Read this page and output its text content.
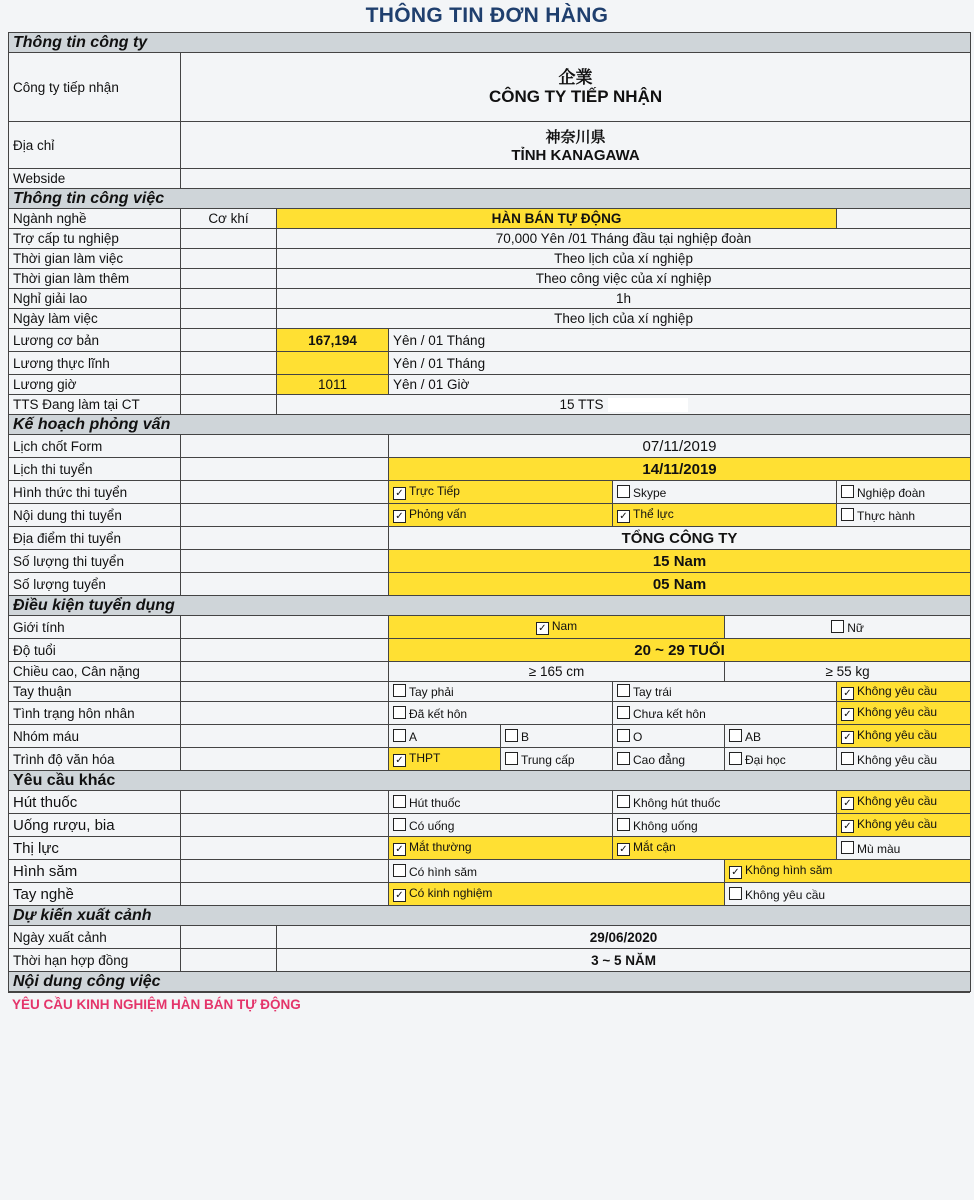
THÔNG TIN ĐƠN HÀNG
Thông tin công ty							
Công ty tiếp nhận	企業
CÔNG TY TIẾP NHẬN						

Địa chỉ	神奈川県
TỈNH KANAGAWA						

Webside							
Thông tin công việc							
Ngành nghề	Cơ khí	HÀN BÁN TỰ ĐỘNG					
Trợ cấp tu nghiệp		70,000 Yên /01 Tháng đầu tại nghiệp đoàn					
Thời gian làm việc		Theo lịch của xí nghiệp					
Thời gian làm thêm		Theo công việc của xí nghiệp					
Nghỉ giải lao		1h					
Ngày làm việc		Theo lịch của xí nghiệp					
Lương cơ bản		167,194	Yên / 01 Tháng				
Lương thực lĩnh			Yên / 01 Tháng				
Lương giờ		1011	Yên / 01 Giờ				
TTS Đang làm tại CT		15 TTS					
Kế hoạch phỏng vấn							
Lịch chốt Form			07/11/2019				
Lịch thi tuyển			14/11/2019				
Hình thức thi tuyển			✓ Trực Tiếp		Skype		Nghiệp đoàn
Nội dung thi tuyển			✓ Phỏng vấn		✓ Thể lực		Thực hành
Địa điểm thi tuyển			TỔNG CÔNG TY				
Số lượng thi tuyển			15 Nam				
Số lượng tuyển			05 Nam				
Điều kiện tuyển dụng							
Giới tính			✓ Nam			Nữ	
Độ tuổi			20 ~ 29 TUỔI				
Chiều cao, Cân nặng			≥ 165 cm			≥ 55 kg	
Tay thuận			Tay phải		Tay trái		✓ Không yêu cầu
Tình trạng hôn nhân			Đã kết hôn		Chưa kết hôn		✓ Không yêu cầu
Nhóm máu			A	B	O	AB	✓ Không yêu cầu
Trình độ văn hóa			✓ THPT	Trung cấp	Cao đẳng	Đại học	Không yêu cầu
Yêu cầu khác							
Hút thuốc			Hút thuốc		Không hút thuốc		✓ Không yêu cầu
Uống rượu, bia			Có uống		Không uống		✓ Không yêu cầu
Thị lực			✓ Mắt thường		✓ Mắt cận		Mù màu
Hình săm			Có hình săm			✓ Không hình săm	
Tay nghề			✓ Có kinh nghiệm			Không yêu cầu	
Dự kiến xuất cảnh							
Ngày xuất cảnh		29/06/2020					
Thời hạn hợp đồng		3 ~ 5 NĂM					
Nội dung công việc							
YÊU CẦU KINH NGHIỆM HÀN BÁN TỰ ĐỘNG
